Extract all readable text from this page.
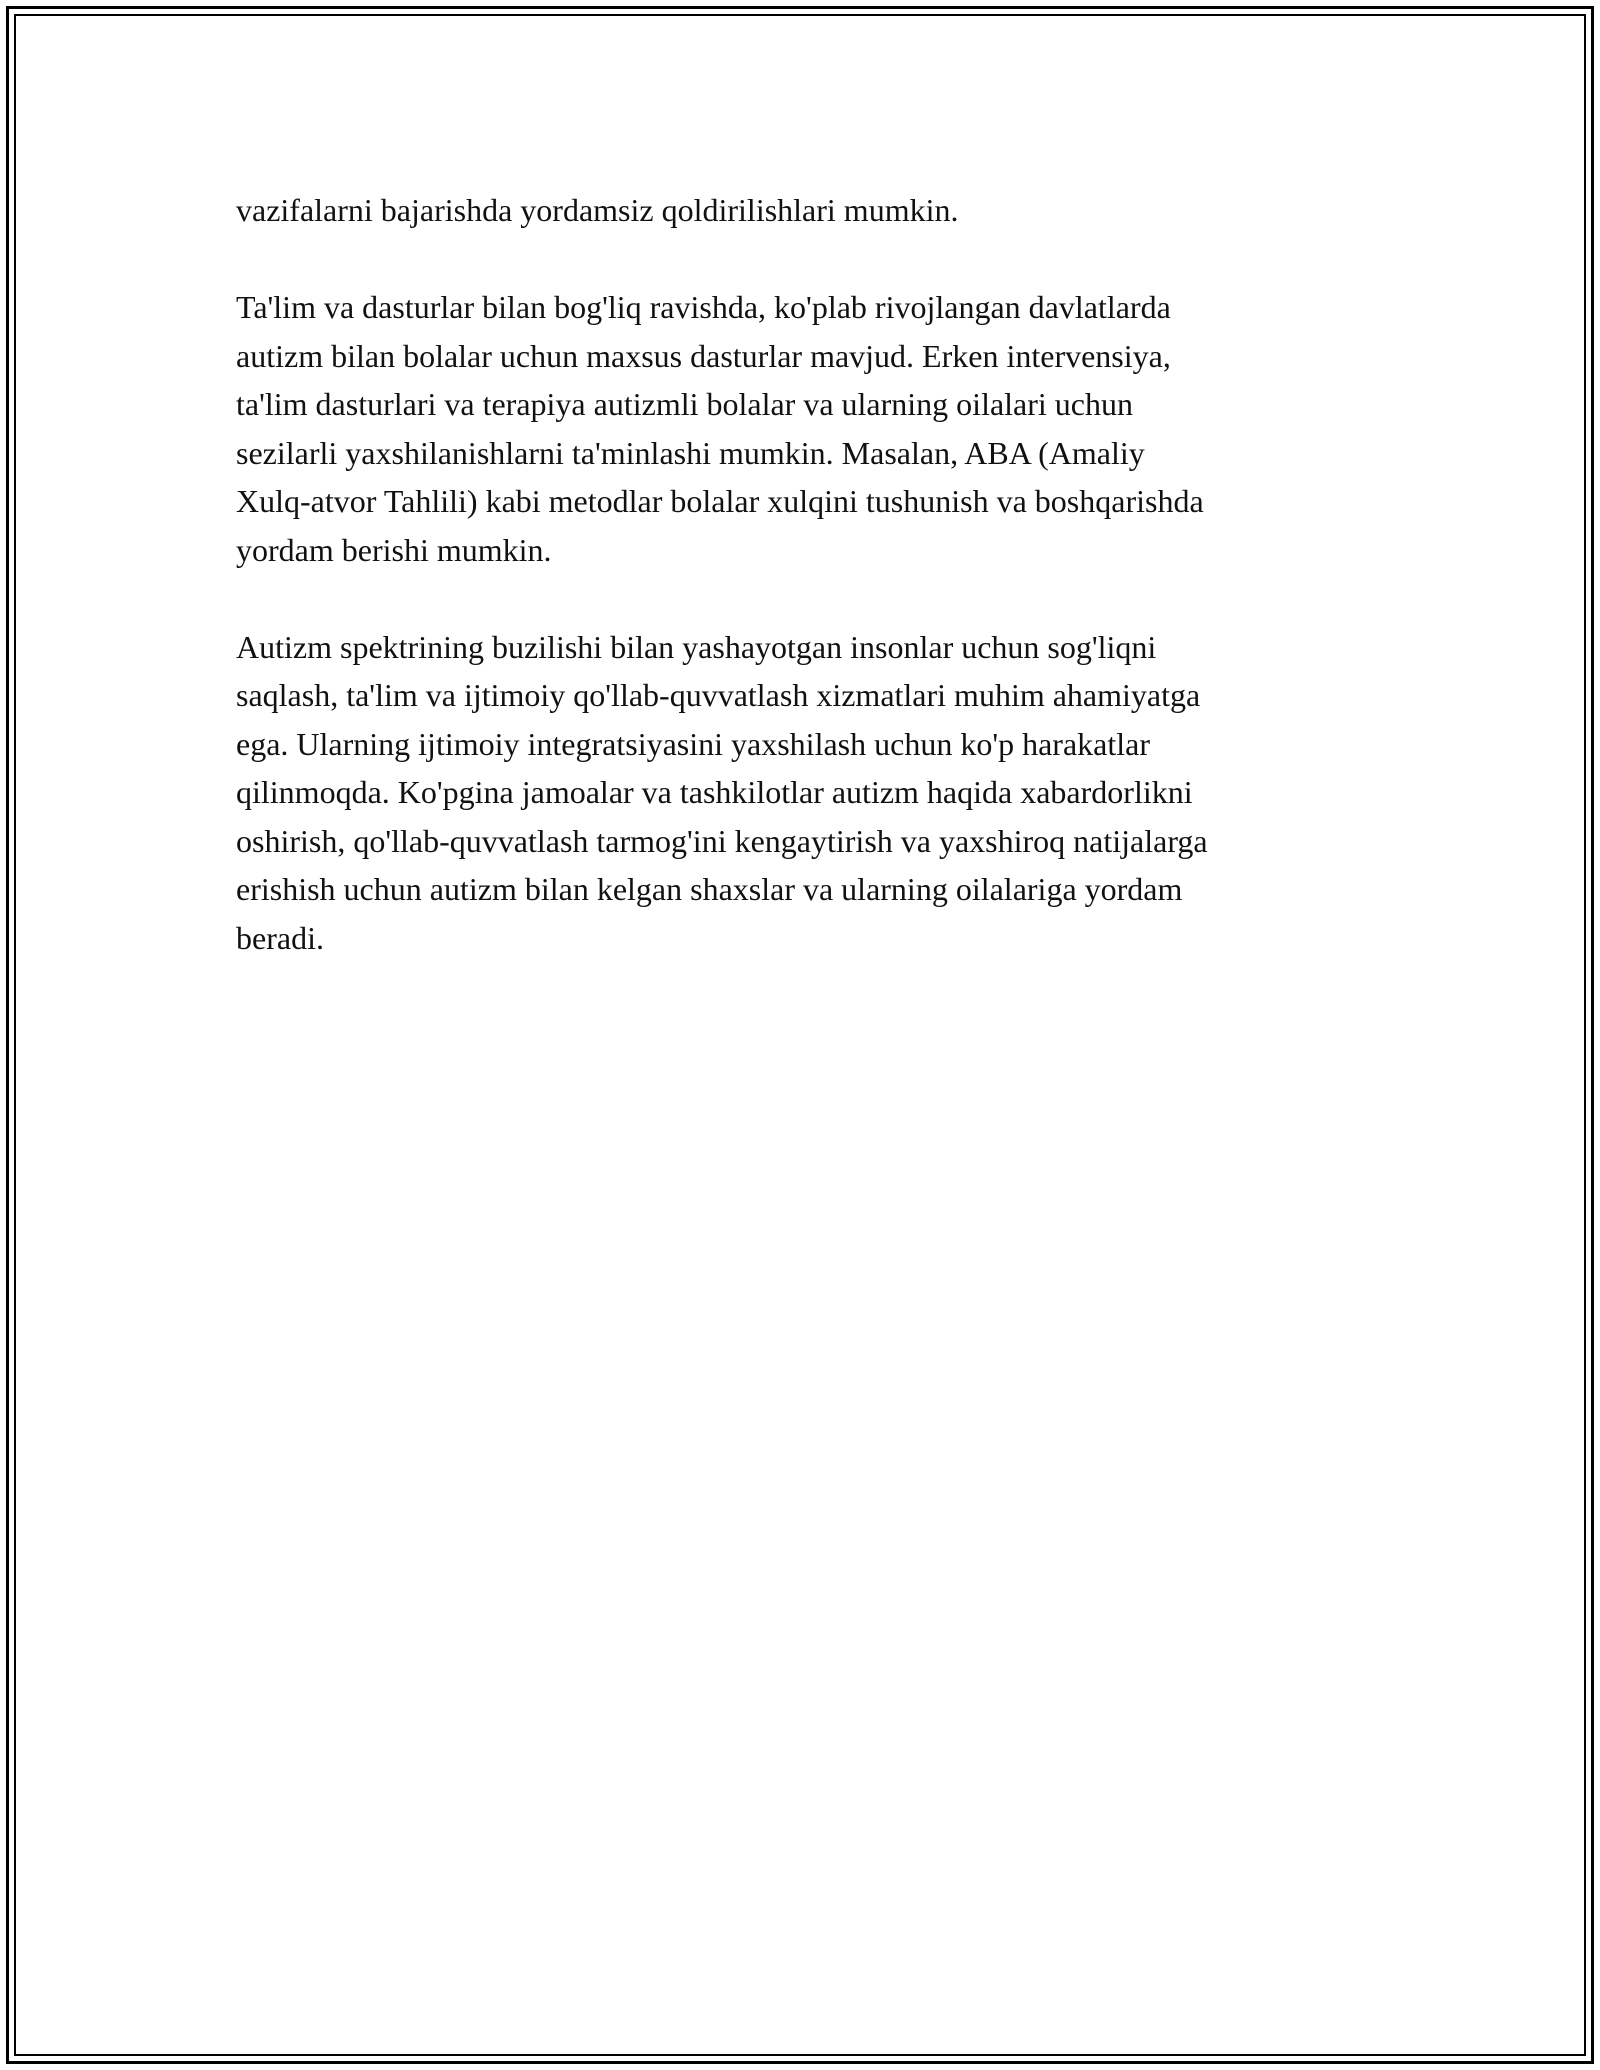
vazifalarni bajarishda yordamsiz qoldirilishlari mumkin.

Ta'lim va dasturlar bilan bog'liq ravishda, ko'plab rivojlangan davlatlarda
autizm bilan bolalar uchun maxsus dasturlar mavjud. Erken intervensiya,
ta'lim dasturlari va terapiya autizmli bolalar va ularning oilalari uchun
sezilarli yaxshilanishlarni ta'minlashi mumkin. Masalan, ABA (Amaliy
Xulq-atvor Tahlili) kabi metodlar bolalar xulqini tushunish va boshqarishda
yordam berishi mumkin.

Autizm spektrining buzilishi bilan yashayotgan insonlar uchun sog'liqni
saqlash, ta'lim va ijtimoiy qo'llab-quvvatlash xizmatlari muhim ahamiyatga
ega. Ularning ijtimoiy integratsiyasini yaxshilash uchun ko'p harakatlar
qilinmoqda. Ko'pgina jamoalar va tashkilotlar autizm haqida xabardorlikni
oshirish, qo'llab-quvvatlash tarmog'ini kengaytirish va yaxshiroq natijalarga
erishish uchun autizm bilan kelgan shaxslar va ularning oilalariga yordam
beradi.
